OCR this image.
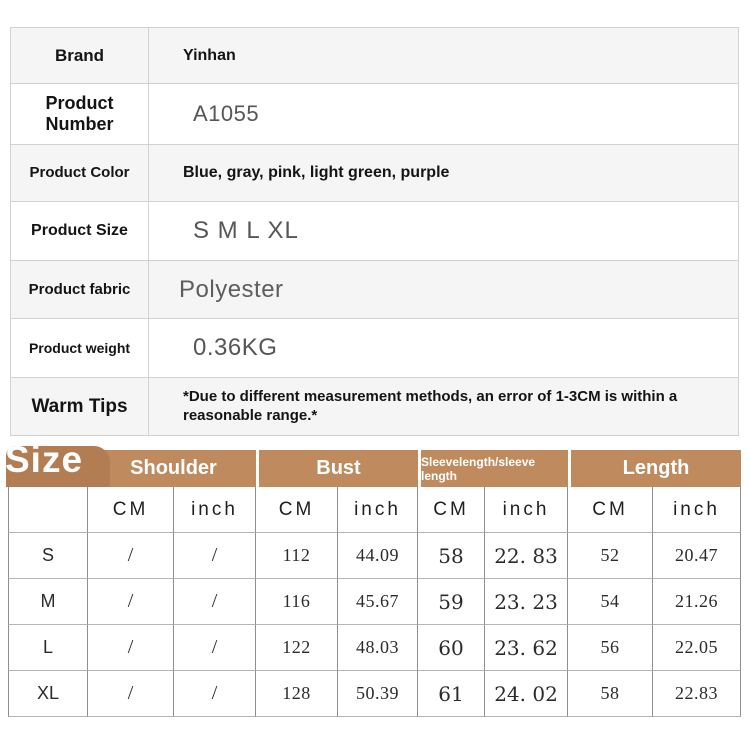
Brand	Yinhan
Product Number	A1055
Product Color	Blue, gray, pink, light green, purple
Product Size	S M L XL
Product fabric	Polyester
Product weight	0.36KG
Warm Tips	*Due to different measurement methods, an error of 1-3CM is within a reasonable range.*
Shoulder	Bust	Sleevelength/sleeve length	Length
Size
CM	inch	CM	inch	CM	inch	CM	inch
S	/	/	112	44.09	58	22. 83	52	20.47
M	/	/	116	45.67	59	23. 23	54	21.26
L	/	/	122	48.03	60	23. 62	56	22.05
XL	/	/	128	50.39	61	24. 02	58	22.83
